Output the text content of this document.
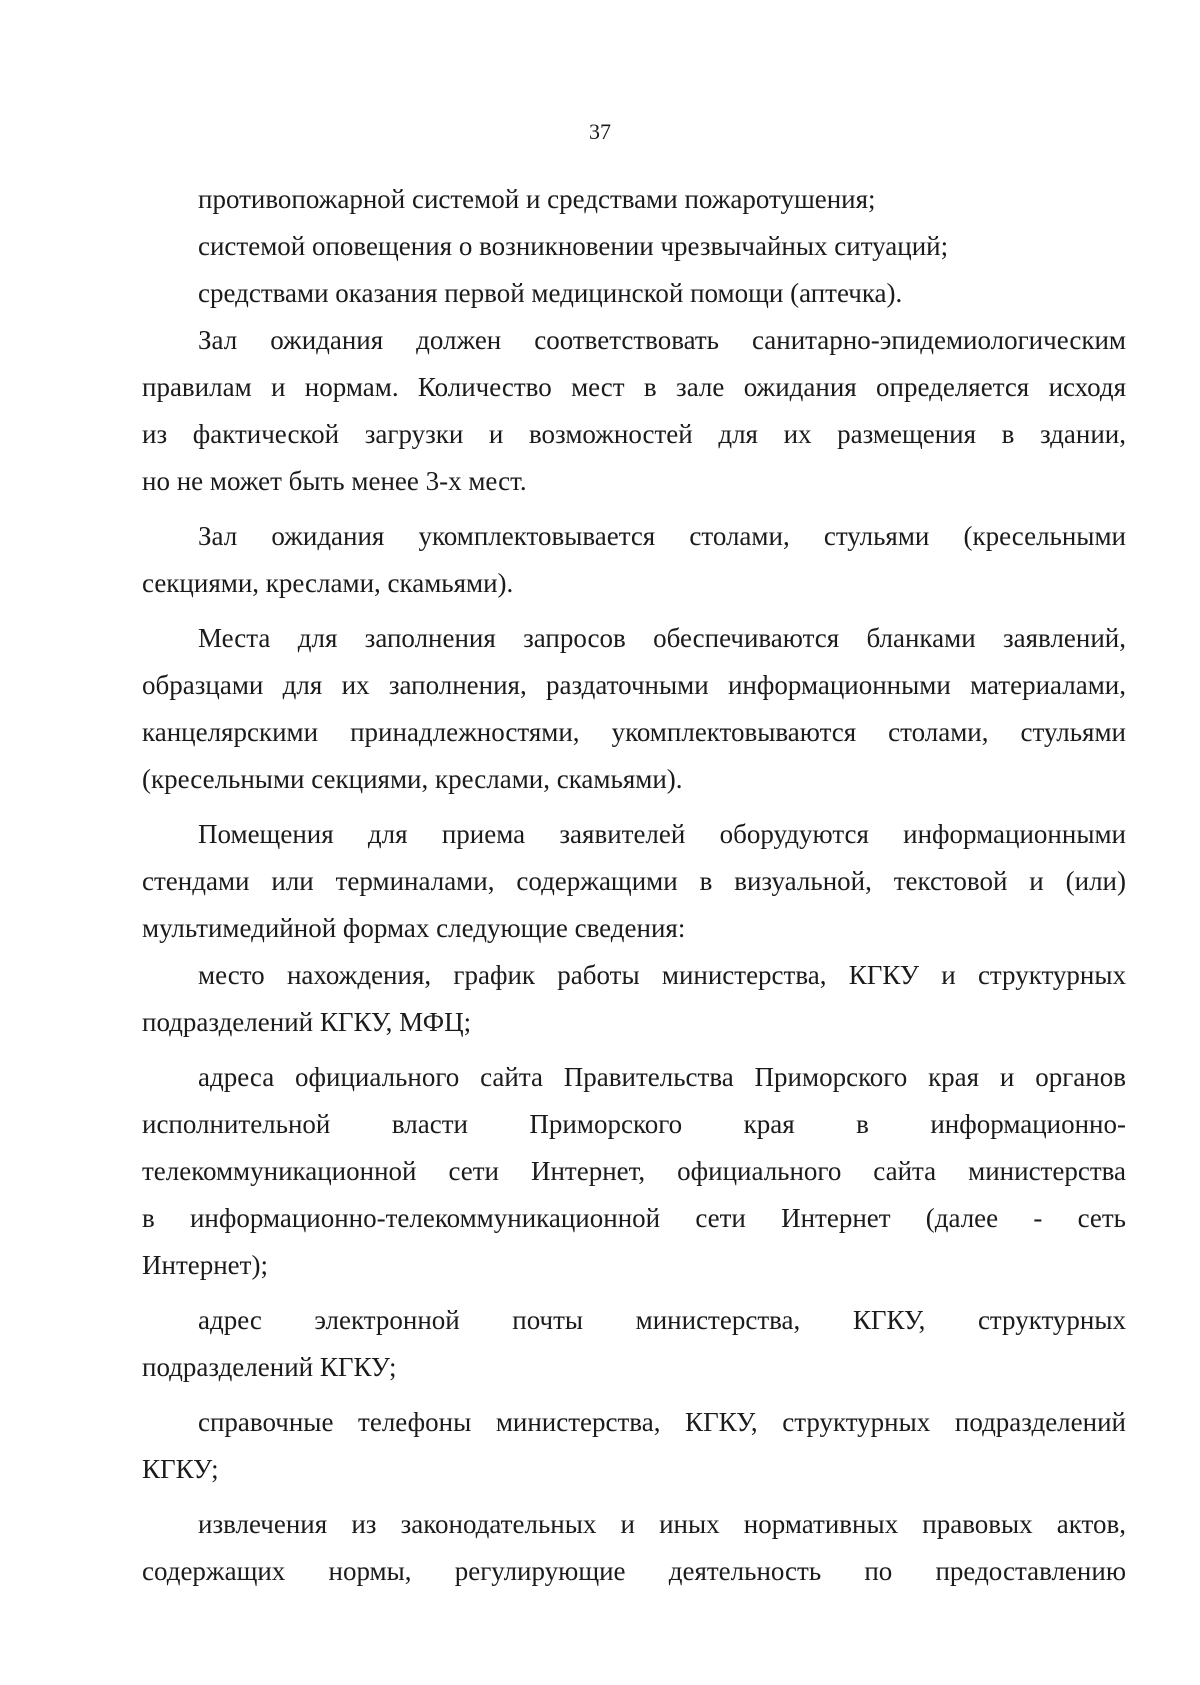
37
противопожарной системой и средствами пожаротушения;
системой оповещения о возникновении чрезвычайных ситуаций;
средствами оказания первой медицинской помощи (аптечка).
Зал ожидания должен соответствовать санитарно-эпидемиологическим
правилам и нормам. Количество мест в зале ожидания определяется исходя
из фактической загрузки и возможностей для их размещения в здании,
но не может быть менее 3-х мест.
Зал ожидания укомплектовывается столами, стульями (кресельными
секциями, креслами, скамьями).
Места для заполнения запросов обеспечиваются бланками заявлений,
образцами для их заполнения, раздаточными информационными материалами,
канцелярскими принадлежностями, укомплектовываются столами, стульями
(кресельными секциями, креслами, скамьями).
Помещения для приема заявителей оборудуются информационными
стендами или терминалами, содержащими в визуальной, текстовой и (или)
мультимедийной формах следующие сведения:
место нахождения, график работы министерства, КГКУ и структурных
подразделений КГКУ, МФЦ;
адреса официального сайта Правительства Приморского края и органов
исполнительной власти Приморского края в информационно-
телекоммуникационной сети Интернет, официального сайта министерства
в информационно-телекоммуникационной сети Интернет (далее - сеть
Интернет);
адрес электронной почты министерства, КГКУ, структурных
подразделений КГКУ;
справочные телефоны министерства, КГКУ, структурных подразделений
КГКУ;
извлечения из законодательных и иных нормативных правовых актов,
содержащих нормы, регулирующие деятельность по предоставлению
